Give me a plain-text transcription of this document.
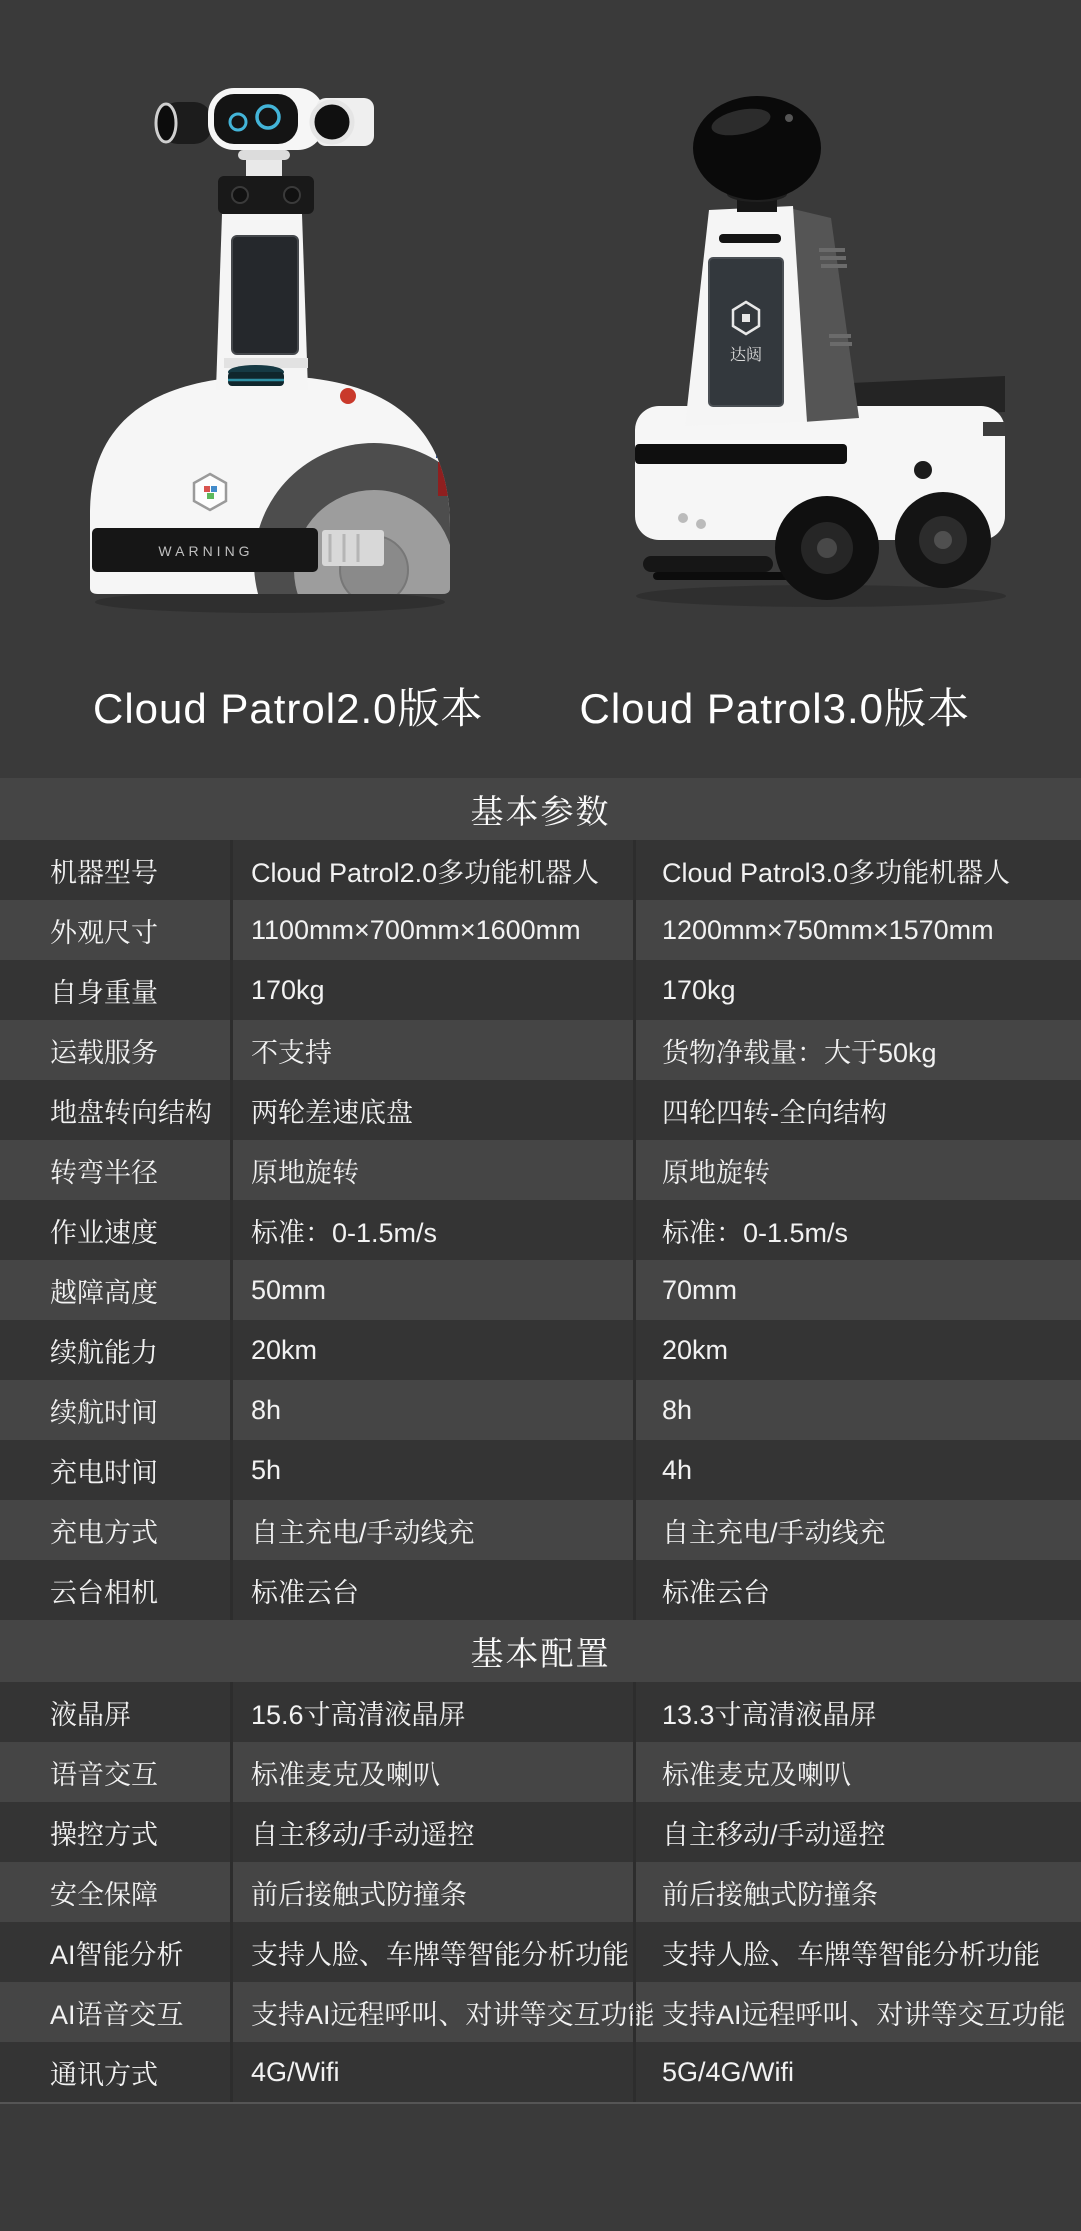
WARNING
Cloud Patrol2.0版本
达闼
Cloud Patrol3.0版本
基本参数
机器型号	Cloud Patrol2.0多功能机器人	Cloud Patrol3.0多功能机器人
外观尺寸	1100mm×700mm×1600mm	1200mm×750mm×1570mm
自身重量	170kg	170kg
运载服务	不支持	货物净载量：大于50kg
地盘转向结构	两轮差速底盘	四轮四转-全向结构
转弯半径	原地旋转	原地旋转
作业速度	标准：0-1.5m/s	标准：0-1.5m/s
越障高度	50mm	70mm
续航能力	20km	20km
续航时间	8h	8h
充电时间	5h	4h
充电方式	自主充电/手动线充	自主充电/手动线充
云台相机	标准云台	标准云台
基本配置
液晶屏	15.6寸高清液晶屏	13.3寸高清液晶屏
语音交互	标准麦克及喇叭	标准麦克及喇叭
操控方式	自主移动/手动遥控	自主移动/手动遥控
安全保障	前后接触式防撞条	前后接触式防撞条
AI智能分析	支持人脸、车牌等智能分析功能	支持人脸、车牌等智能分析功能
AI语音交互	支持AI远程呼叫、对讲等交互功能 支持AI远程呼叫、对讲等交互功能
通讯方式	4G/Wifi	5G/4G/Wifi
